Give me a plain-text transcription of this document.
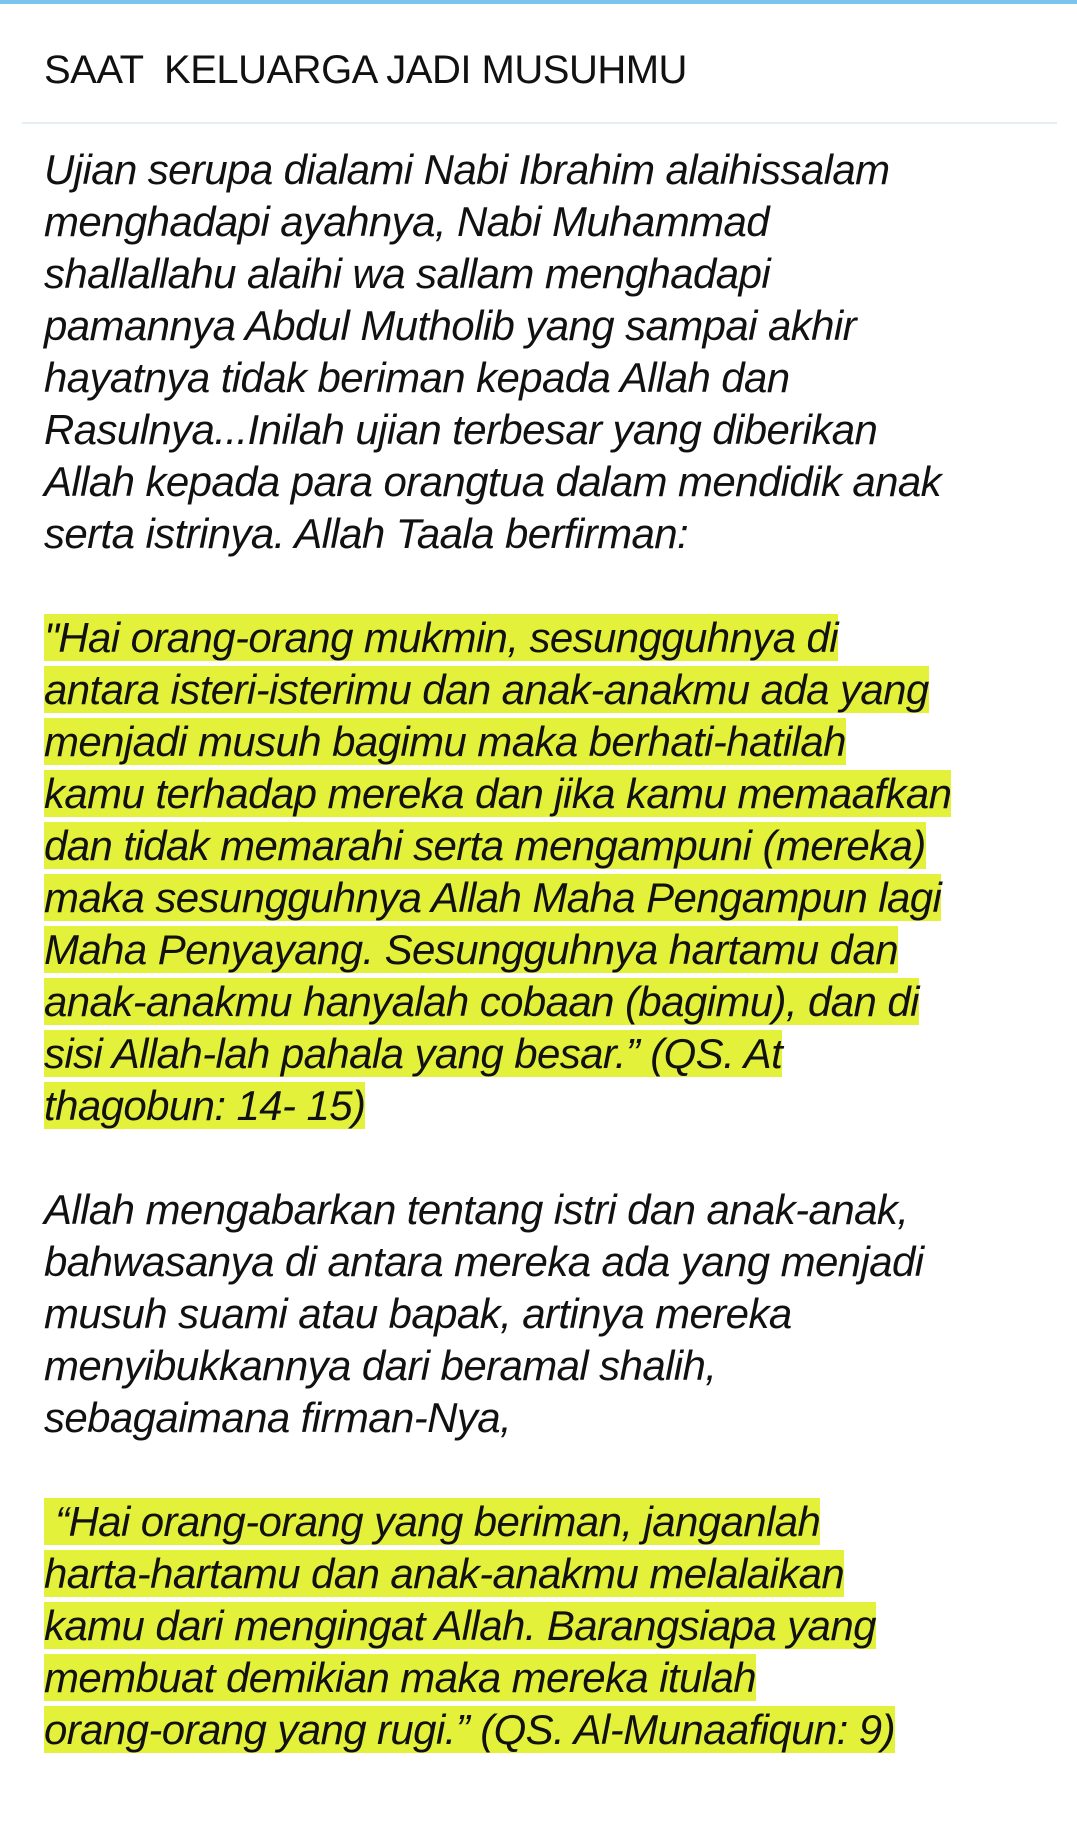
SAAT  KELUARGA JADI MUSUHMU

Ujian serupa dialami Nabi Ibrahim alaihissalam
menghadapi ayahnya, Nabi Muhammad
shallallahu alaihi wa sallam menghadapi
pamannya Abdul Mutholib yang sampai akhir
hayatnya tidak beriman kepada Allah dan
Rasulnya...Inilah ujian terbesar yang diberikan
Allah kepada para orangtua dalam mendidik anak
serta istrinya. Allah Taala berfirman:

"Hai orang-orang mukmin, sesungguhnya di
antara isteri-isterimu dan anak-anakmu ada yang
menjadi musuh bagimu maka berhati-hatilah
kamu terhadap mereka dan jika kamu memaafkan
dan tidak memarahi serta mengampuni (mereka)
maka sesungguhnya Allah Maha Pengampun lagi
Maha Penyayang. Sesungguhnya hartamu dan
anak-anakmu hanyalah cobaan (bagimu), dan di
sisi Allah-lah pahala yang besar.” (QS. At
thagobun: 14- 15)

Allah mengabarkan tentang istri dan anak-anak,
bahwasanya di antara mereka ada yang menjadi
musuh suami atau bapak, artinya mereka
menyibukkannya dari beramal shalih,
sebagaimana firman-Nya,

“Hai orang-orang yang beriman, janganlah
harta-hartamu dan anak-anakmu melalaikan
kamu dari mengingat Allah. Barangsiapa yang
membuat demikian maka mereka itulah
orang-orang yang rugi.” (QS. Al-Munaafiqun: 9)
